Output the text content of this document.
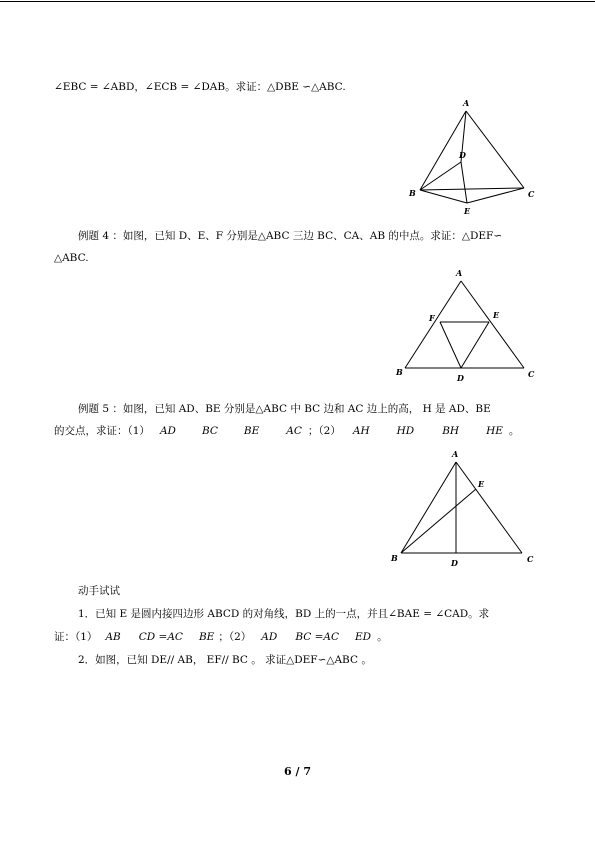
∠EBC = ∠ABD，∠ECB = ∠DAB。求证：△DBE ∽△ABC.
A
D
B	C
E
例题 4 ：如图，已知 D、E、F 分别是△ABC 三边 BC、CA、AB 的中点。求证：△DEF∽
△ABC.
A
F	E
B
D	C
例题 5 ：如图，已知 AD、BE 分别是△ABC 中 BC 边和 AC 边上的高， H 是 AD、BE
的交点，求证：（1） AD BC BE	AC ；（2） AH	HD	BH	HE 。
A
E
B	D	C
动手试试
1．已知 E 是圆内接四边形 ABCD 的对角线，BD 上的一点，并且∠BAE = ∠CAD。求
证：（1） AB CD =AC BE ；（2） AD BC =AC ED 。
2．如图，已知 DE// AB， EF// BC 。 求证△DEF∽△ABC 。
6 / 7
